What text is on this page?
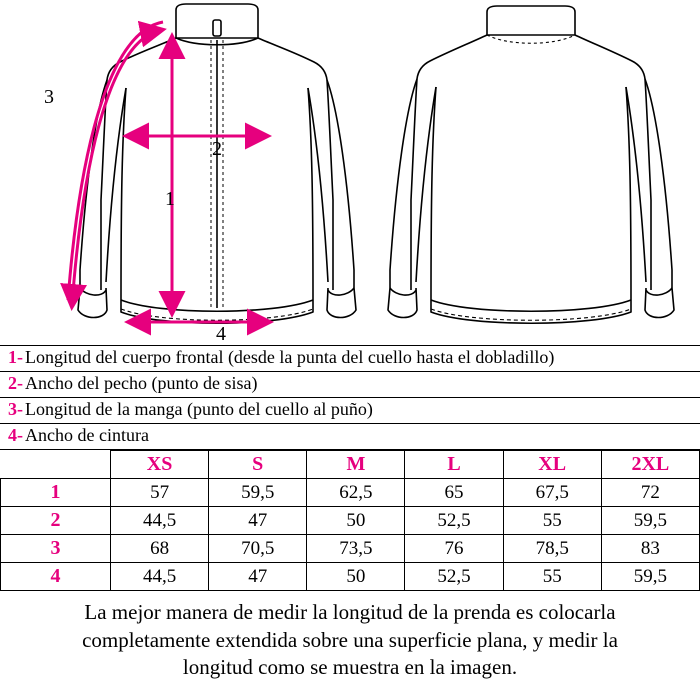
1
2
3
4
1- Longitud del cuerpo frontal (desde la punta del cuello hasta el dobladillo)
2- Ancho del pecho (punto de sisa)
3- Longitud de la manga (punto del cuello al puño)
4- Ancho de cintura
	XS	S	M	L	XL	2XL
1	57	59,5	62,5	65	67,5	72
2	44,5	47	50	52,5	55	59,5
3	68	70,5	73,5	76	78,5	83
4	44,5	47	50	52,5	55	59,5
La mejor manera de medir la longitud de la prenda es colocarla
completamente extendida sobre una superficie plana, y medir la
longitud como se muestra en la imagen.
